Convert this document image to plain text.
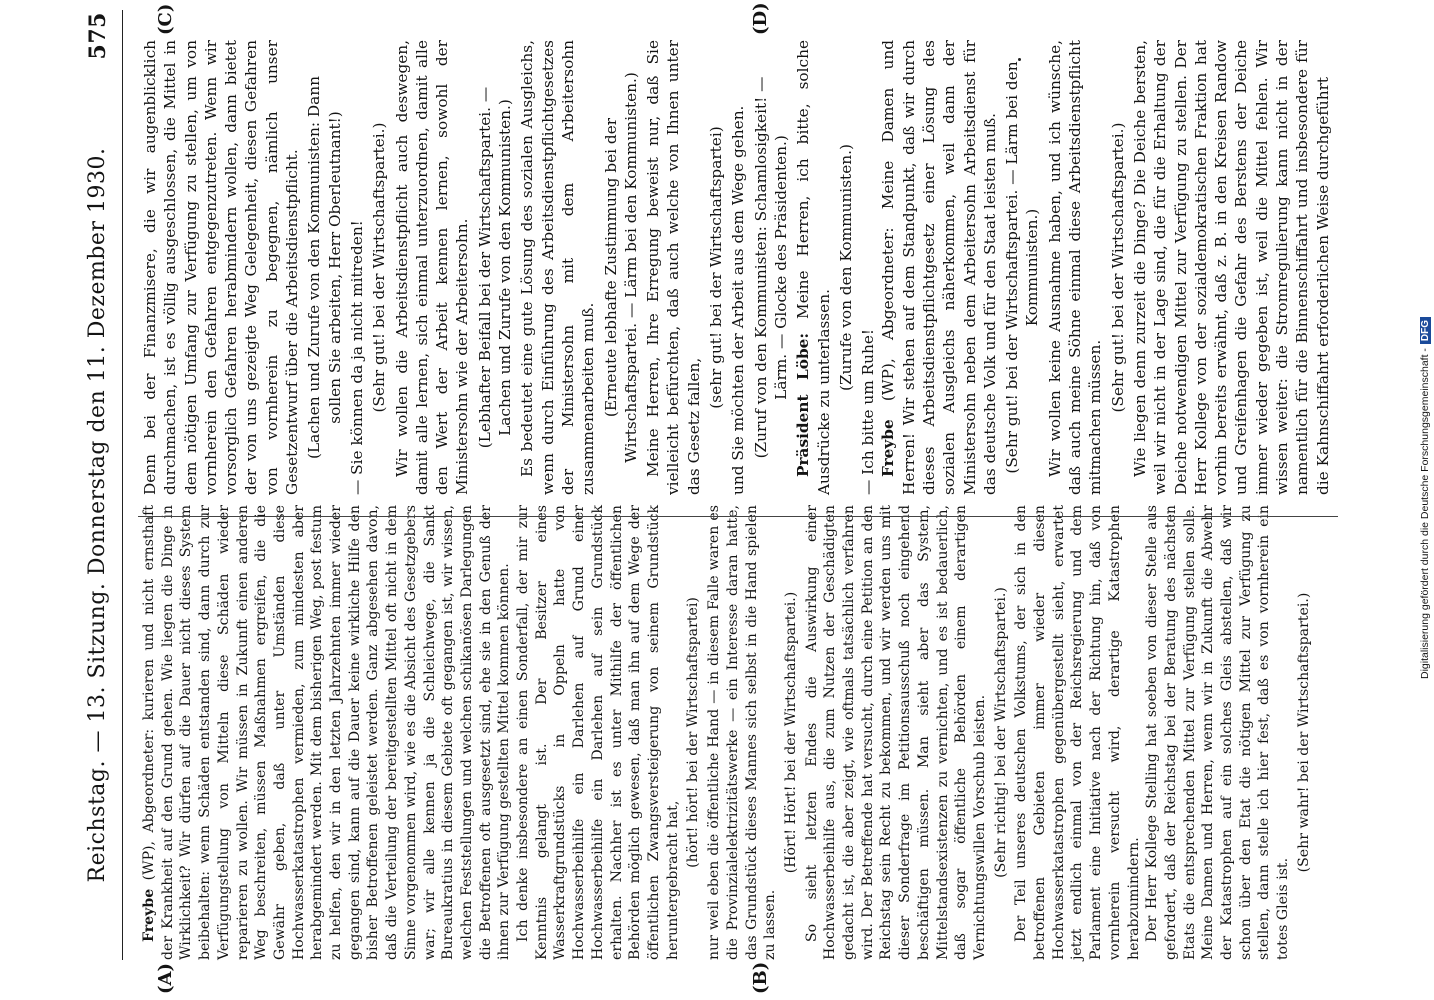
Reichstag. — 13. Sitzung. Donnerstag den 11. Dezember 1930.
575
(A)	(B)
(C)	(D)

Freybe (WP), Abgeordneter: kurieren und nicht ernsthaft der Krankheit auf den Grund gehen. Wie liegen die Dinge in Wirklichkeit? Wir dürfen auf die Dauer nicht dieses System beibehalten: wenn Schäden entstanden sind, dann durch zur Verfügungstellung von Mitteln diese Schäden wieder reparieren zu wollen. Wir müssen in Zukunft einen anderen Weg beschreiten, müssen Maßnahmen ergreifen, die die Gewähr geben, daß unter Umständen diese Hochwasserkatastrophen vermieden, zum mindesten aber herabgemindert werden. Mit dem bisherigen Weg, post festum zu helfen, den wir in den letzten Jahrzehnten immer wieder gegangen sind, kann auf die Dauer keine wirkliche Hilfe den bisher Betroffenen geleistet werden. Ganz abgesehen davon, daß die Verteilung der bereitgestellten Mittel oft nicht in dem Sinne vorgenommen wird, wie es die Absicht des Gesetzgebers war; wir alle kennen ja die Schleichwege, die Sankt Bureaukratius in diesem Gebiete oft gegangen ist, wir wissen, welchen Feststellungen und welchen schikanösen Darlegungen die Betroffenen oft ausgesetzt sind, ehe sie in den Genuß der ihnen zur Verfügung gestellten Mittel kommen können. Ich denke insbesondere an einen Sonderfall, der mir zur Kenntnis gelangt ist. Der Besitzer eines Wasserkraftgrundstücks in Oppeln hatte von Hochwasserbeihilfe ein Darlehen auf Grund einer Hochwasserbeihilfe ein Darlehen auf sein Grundstück erhalten. Nachher ist es unter Mithilfe der öffentlichen Behörden möglich gewesen, daß man ihn auf dem Wege der öffentlichen Zwangsversteigerung von seinem Grundstück heruntergebracht hat,

(hört! hört! bei der Wirtschaftspartei) nur weil eben die öffentliche Hand — in diesem Falle waren es die Provinzialelektrizitätswerke — ein Interesse daran hatte, das Grundstück dieses Mannes sich selbst in die Hand spielen zu lassen.

(Hört! Hört! bei der Wirtschaftspartei.) So sieht letzten Endes die Auswirkung einer Hochwasserbeihilfe aus, die zum Nutzen der Geschädigten gedacht ist, die aber zeigt, wie oftmals tatsächlich verfahren wird. Der Betreffende hat versucht, durch eine Petition an den Reichstag sein Recht zu bekommen, und wir werden uns mit dieser Sonderfrage im Petitionsausschuß noch eingehend beschäftigen müssen. Man sieht aber das System, Mittelstandsexistenzen zu vernichten, und es ist bedauerlich, daß sogar öffentliche Behörden einem derartigen Vernichtungswillen Vorschub leisten. (Sehr richtig! bei der Wirtschaftspartei.) Der Teil unseres deutschen Volkstums, der sich in den betroffenen Gebieten immer wieder diesen Hochwasserkatastrophen gegenübergestellt sieht, erwartet jetzt endlich einmal von der Reichsregierung und dem Parlament eine Initiative nach der Richtung hin, daß von vornherein versucht wird, derartige Katastrophen herabzumindern. Der Herr Kollege Stelling hat soeben von dieser Stelle aus gefordert, daß der Reichstag bei der Beratung des nächsten Etats die entsprechenden Mittel zur Verfügung stellen solle. Meine Damen und Herren, wenn wir in Zukunft die Abwehr der Katastrophen auf ein solches Gleis abstellen, daß wir schon über den Etat die nötigen Mittel zur Verfügung zu stellen, dann stelle ich hier fest, daß es von vornherein ein totes Gleis ist.

(Sehr wahr! bei der Wirtschaftspartei.)

Denn bei der Finanzmisere, die wir augenblicklich durchmachen, ist es völlig ausgeschlossen, die Mittel in dem nötigen Umfang zur Verfügung zu stellen, um von vornherein den Gefahren entgegenzutreten. Wenn wir vorsorglich Gefahren herabmindern wollen, dann bietet der von uns gezeigte Weg Gelegenheit, diesen Gefahren von vornherein zu begegnen, nämlich unser Gesetzentwurf über die Arbeitsdienstpflicht. (Lachen und Zurufe von den Kommunisten: Dann sollen Sie arbeiten, Herr Oberleutnant!) — Sie können da ja nicht mitreden! (Sehr gut! bei der Wirtschaftspartei.) Wir wollen die Arbeitsdienstpflicht auch deswegen, damit alle lernen, sich einmal unterzuordnen, damit alle den Wert der Arbeit kennen lernen, sowohl der Ministersohn wie der Arbeitersohn. (Lebhafter Beifall bei der Wirtschaftspartei. — Lachen und Zurufe von den Kommunisten.) Es bedeutet eine gute Lösung des sozialen Ausgleichs, wenn durch Einführung des Arbeitsdienstpflichtgesetzes der Ministersohn mit dem Arbeitersohn zusammenarbeiten muß. (Erneute lebhafte Zustimmung bei der Wirtschaftspartei. — Lärm bei den Kommunisten.) Meine Herren, Ihre Erregung beweist nur, daß Sie vielleicht befürchten, daß auch welche von Ihnen unter das Gesetz fallen,

(sehr gut! bei der Wirtschaftspartei) und Sie möchten der Arbeit aus dem Wege gehen. (Zuruf von den Kommunisten: Schamlosigkeit! — Lärm. — Glocke des Präsidenten.)

Präsident Löbe: Meine Herren, ich bitte, solche Ausdrücke zu unterlassen.

(Zurufe von den Kommunisten.)

— Ich bitte um Ruhe! Freybe (WP), Abgeordneter: Meine Damen und Herren! Wir stehen auf dem Standpunkt, daß wir durch dieses Arbeitsdienstpflichtgesetz einer Lösung des sozialen Ausgleichs näherkommen, weil dann der Ministersohn neben dem Arbeitersohn Arbeitsdienst für das deutsche Volk und für den Staat leisten muß. (Sehr gut! bei der Wirtschaftspartei. — Lärm bei den Kommunisten.) Wir wollen keine Ausnahme haben, und ich wünsche, daß auch meine Söhne einmal diese Arbeitsdienstpflicht mitmachen müssen.

(Sehr gut! bei der Wirtschaftspartei.) Wie liegen denn zurzeit die Dinge? Die Deiche bersten, weil wir nicht in der Lage sind, die für die Erhaltung der Deiche notwendigen Mittel zur Verfügung zu stellen. Der Herr Kollege von der sozialdemokratischen Fraktion hat vorhin bereits erwähnt, daß z. B. in den Kreisen Randow und Greifenhagen die Gefahr des Berstens der Deiche immer wieder gegeben ist, weil die Mittel fehlen. Wir wissen weiter: die Stromregulierung kann nicht in der namentlich für die Binnenschiffahrt und insbesondere für die Kahnschiffahrt erforderlichen Weise durchgeführt

Digitalisierung gefördert durch die Deutsche Forschungsgemeinschaft -DFG
